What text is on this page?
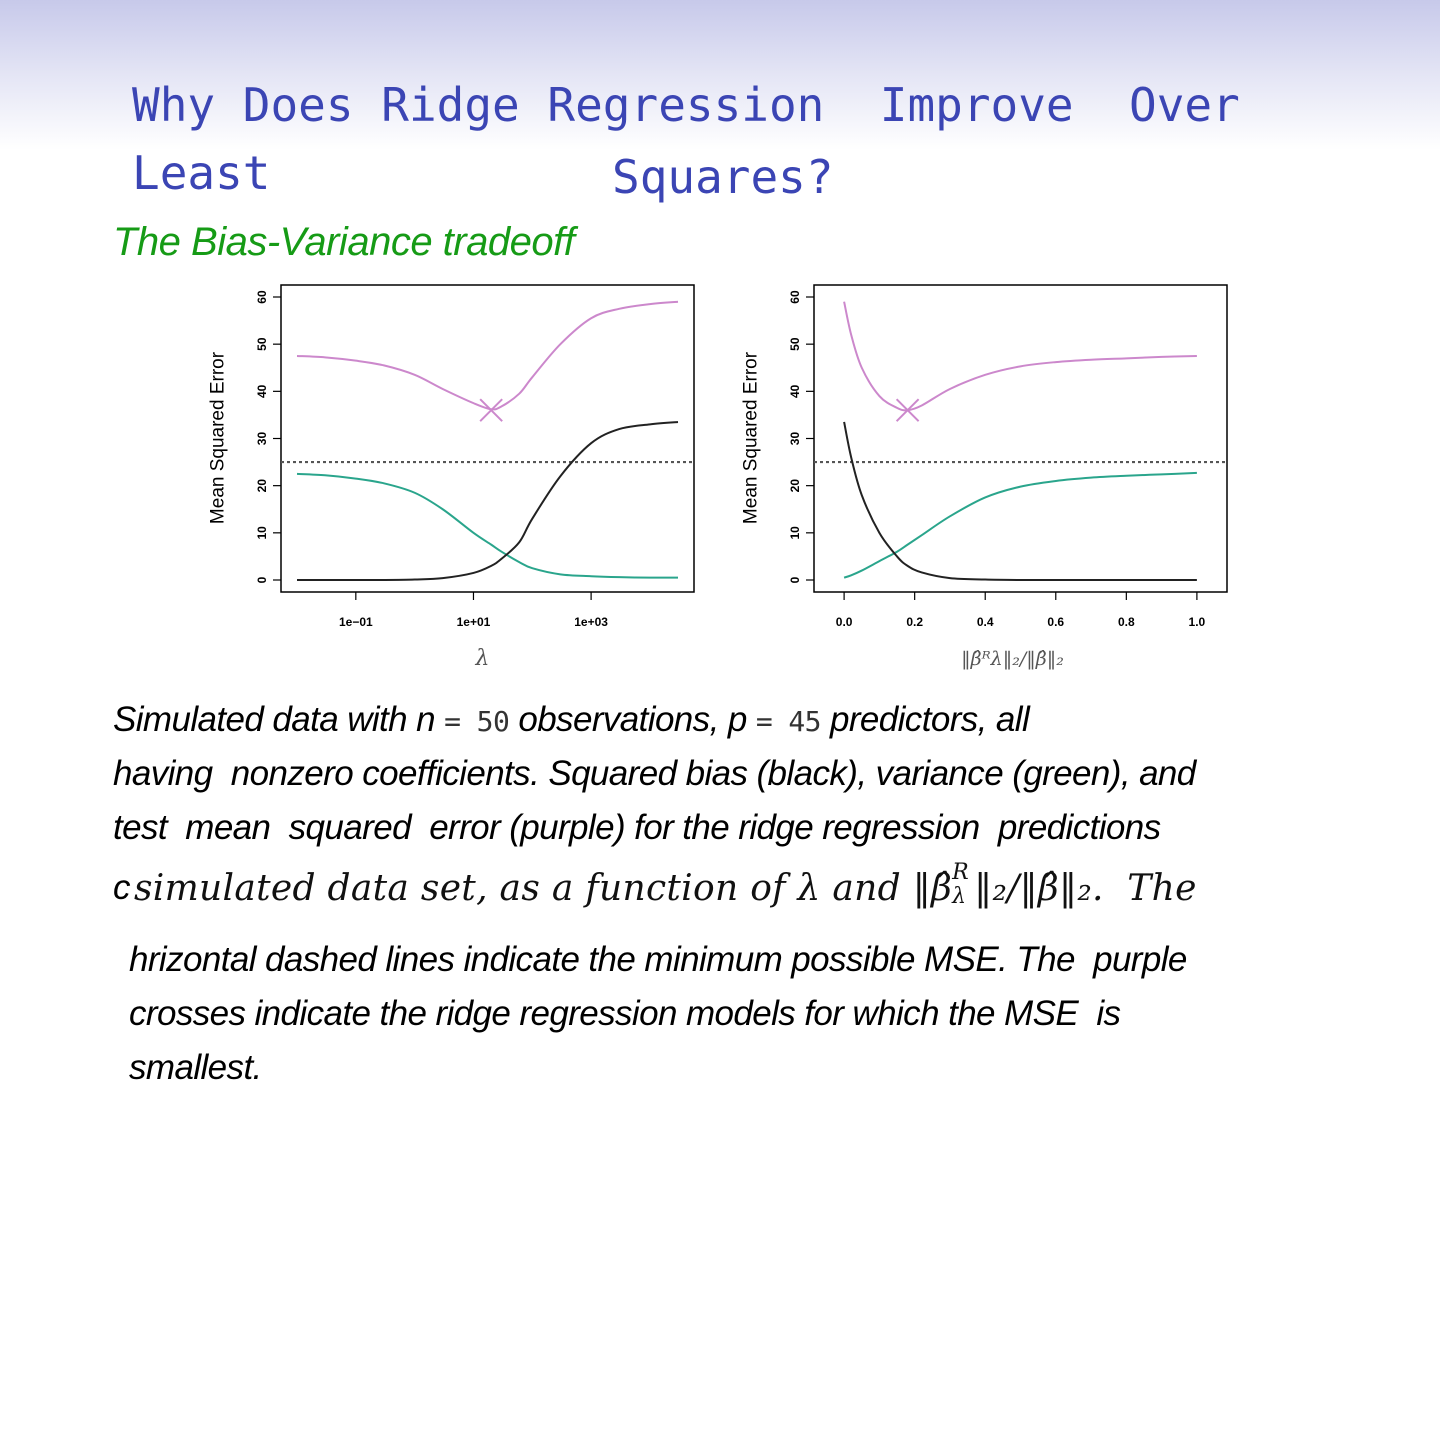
Why Does Ridge Regression  Improve  Over
Least	Squares?
The Bias-Variance tradeoff
0
10
20
30
40
50
60
1e−01	1e+01	1e+03
Mean Squared Error
λ
0
10
20
30
40
50
60
0.0	0.2	0.4	0.6	0.8	1.0
Mean Squared Error
‖β̂ᴿλ‖₂/‖β̂‖₂
Simulated data with n = 50 observations, p = 45 predictors, all
having  nonzero coefficients. Squared bias (black), variance (green), and
test  mean  squared  error (purple) for the ridge regression  predictions
c simulated data set, as a function of λ and ‖β̂ R
λ ‖₂/‖β̂‖₂.  The
hrizontal dashed lines indicate the minimum possible MSE. The  purple
crosses indicate the ridge regression models for which the MSE  is
smallest.
